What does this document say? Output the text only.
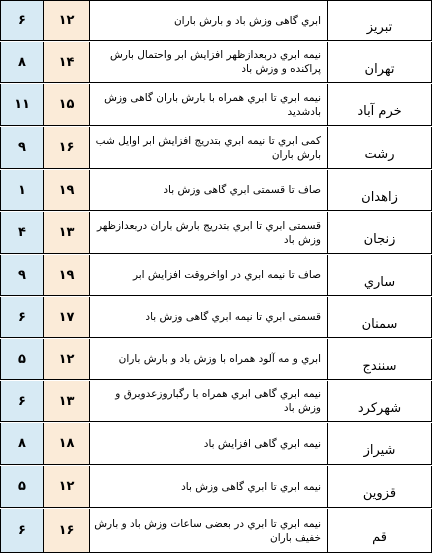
۶	۱۲	ابري گاهی وزش باد و بارش باران	تبریز
۸	۱۴	نیمه ابري دربعدازظهر افزایش ابر واحتمال بارش پراکنده و وزش باد	تهران
۱۱	۱۵	نیمه ابري تا ابري همراه با بارش باران گاهی وزش بادشدید	خرم آباد
۹	۱۶	کمی ابري تا نیمه ابري بتدریج افزایش ابر اوایل شب بارش باران	رشت
۱	۱۹	صاف تا قسمتی ابري گاهی وزش باد	زاهدان
۴	۱۳	قسمتی ابري تا ابري بتدریج بارش باران دربعدازظهر وزش باد	زنجان
۹	۱۹	صاف تا نیمه ابري در اواخروقت افزایش ابر	ساري
۶	۱۷	قسمتی ابري تا نیمه ابري گاهی وزش باد	سمنان
۵	۱۲	ابري و مه آلود همراه با وزش باد و بارش باران	سنندج
۶	۱۳	نیمه ابري گاهی ابري همراه با رگباروزعدوبرق و وزش باد	شهرکرد
۸	۱۸	نیمه ابري گاهی افزایش باد	شیراز
۵	۱۲	نیمه ابري تا ابري گاهی وزش باد	قزوین
۶	۱۶	نیمه ابري تا ابري در بعضی ساعات وزش باد و بارش خفیف باران	قم
